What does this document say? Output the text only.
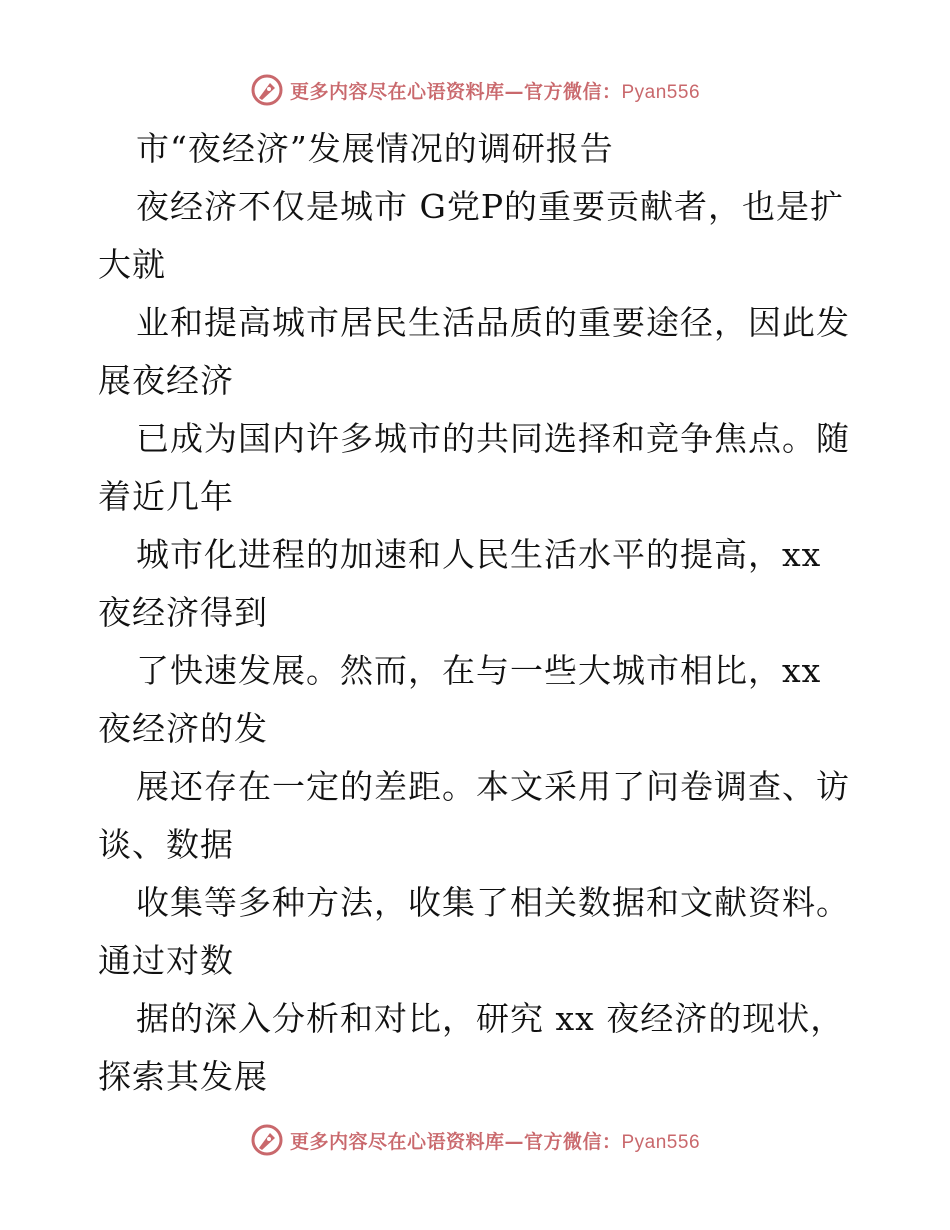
更多内容尽在心语资料库—官方微信：Pyan556
市“夜经济”发展情况的调研报告
夜经济不仅是城市 G党P的重要贡献者，也是扩
大就
业和提高城市居民生活品质的重要途径，因此发
展夜经济
已成为国内许多城市的共同选择和竞争焦点。随
着近几年
城市化进程的加速和人民生活水平的提高，xx
夜经济得到
了快速发展。然而，在与一些大城市相比，xx
夜经济的发
展还存在一定的差距。本文采用了问卷调查、访
谈、数据
收集等多种方法，收集了相关数据和文献资料。
通过对数
据的深入分析和对比，研究 xx 夜经济的现状，
探索其发展
更多内容尽在心语资料库—官方微信：Pyan556
